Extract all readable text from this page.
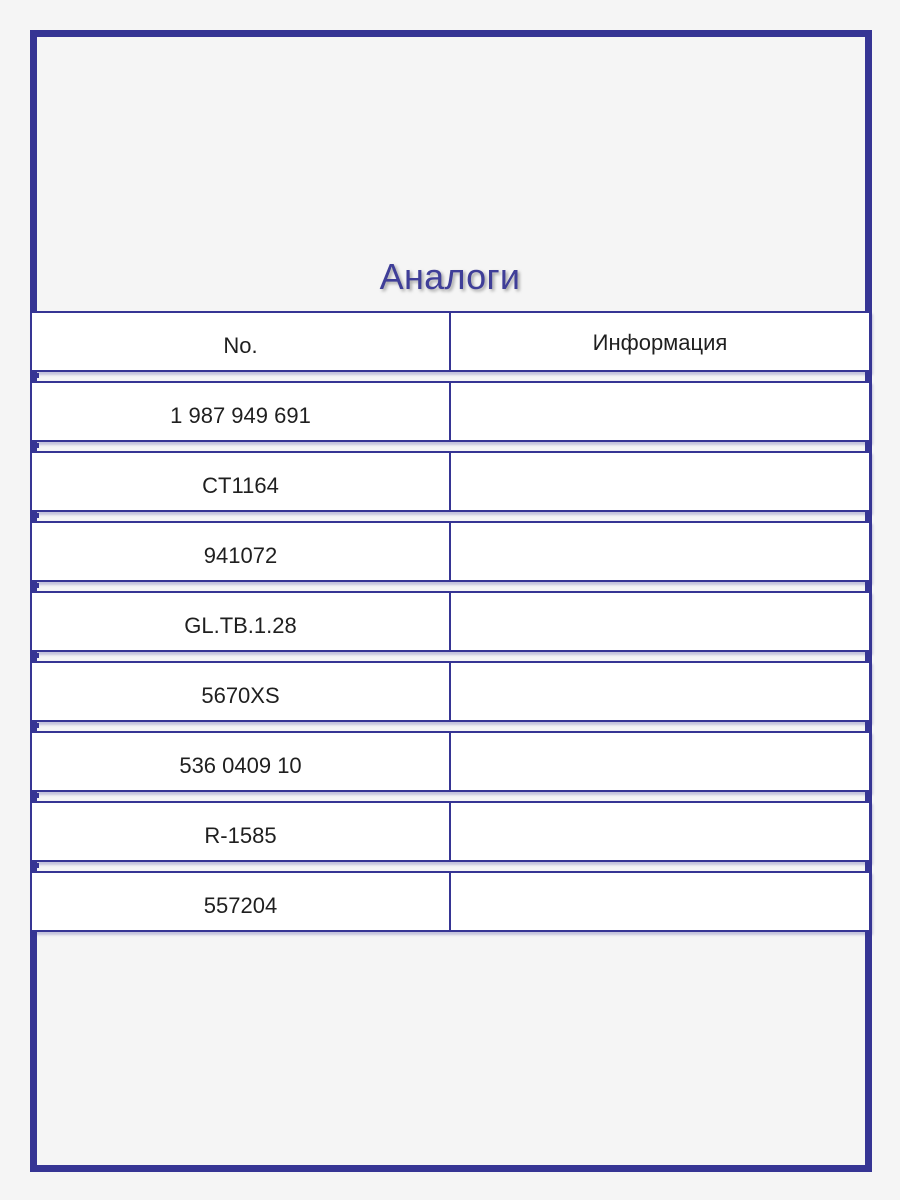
Аналоги
No.	Информация
1 987 949 691
CT1164
941072
GL.TB.1.28
5670XS
536 0409 10
R-1585
557204
